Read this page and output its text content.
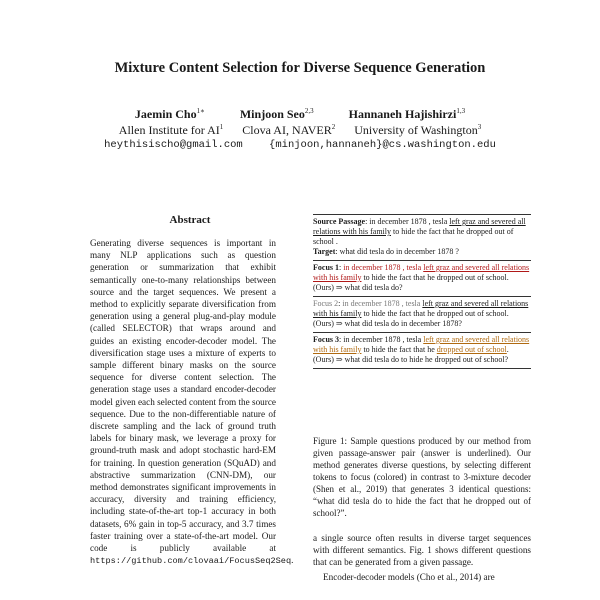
Mixture Content Selection for Diverse Sequence Generation
Jaemin Cho$^{1∗}$	Minjoon Seo$^{2,3}$	Hannaneh Hajishirzi$^{1,3}$
Allen Institute for $AI^1$ Clova AI, NAVER$^2$ University of Washington$^3$
heythisischo@gmail.com	{minjoon,hannaneh}@cs.washington.edu
Abstract
Generating diverse sequences is important in many NLP applications such as question generation or summarization that exhibit semantically one-to-many relationships between source and the target sequences. We present a method to explicitly separate diversification from generation using a general plug-and-play module (called SELECTOR) that wraps around and guides an existing encoder-decoder model. The diversification stage uses a mixture of experts to sample different binary masks on the source sequence for diverse content selection. The generation stage uses a standard encoder-decoder model given each selected content from the source sequence. Due to the non-differentiable nature of discrete sampling and the lack of ground truth labels for binary mask, we leverage a proxy for ground-truth mask and adopt stochastic hard-EM for training. In question generation (SQuAD) and abstractive summarization (CNN-DM), our method demonstrates significant improvements in accuracy, diversity and training efficiency, including state-of-the-art top-1 accuracy in both datasets, 6% gain in top-5 accuracy, and 3.7 times faster training over a state-of-the-art model. Our code is publicly available at https://github.com/clovaai/FocusSeq2Seq.
Source Passage: in december 1878 , tesla left graz and severed all relations with his family to hide the fact that he dropped out of school .
Target: what did tesla do in december 1878 ?
Focus 1: in december 1878 , tesla left graz and severed all relations with his family to hide the fact that he dropped out of school.
(Ours) ⇒ what did tesla do?
Focus 2: in december 1878 , tesla left graz and severed all relations with his family to hide the fact that he dropped out of school.
(Ours) ⇒ what did tesla do in december 1878?
Focus 3: in december 1878 , tesla left graz and severed all relations with his family to hide the fact that he dropped out of school.
(Ours) ⇒ what did tesla do to hide he dropped out of school?
Figure 1: Sample questions produced by our method from given passage-answer pair (answer is underlined). Our method generates diverse questions, by selecting different tokens to focus (colored) in contrast to 3-mixture decoder (Shen et al., 2019) that generates 3 identical questions: “what did tesla do to hide the fact that he dropped out of school?”.
a single source often results in diverse target sequences with different semantics. Fig. 1 shows different questions that can be generated from a given passage.
Encoder-decoder models (Cho et al., 2014) are
